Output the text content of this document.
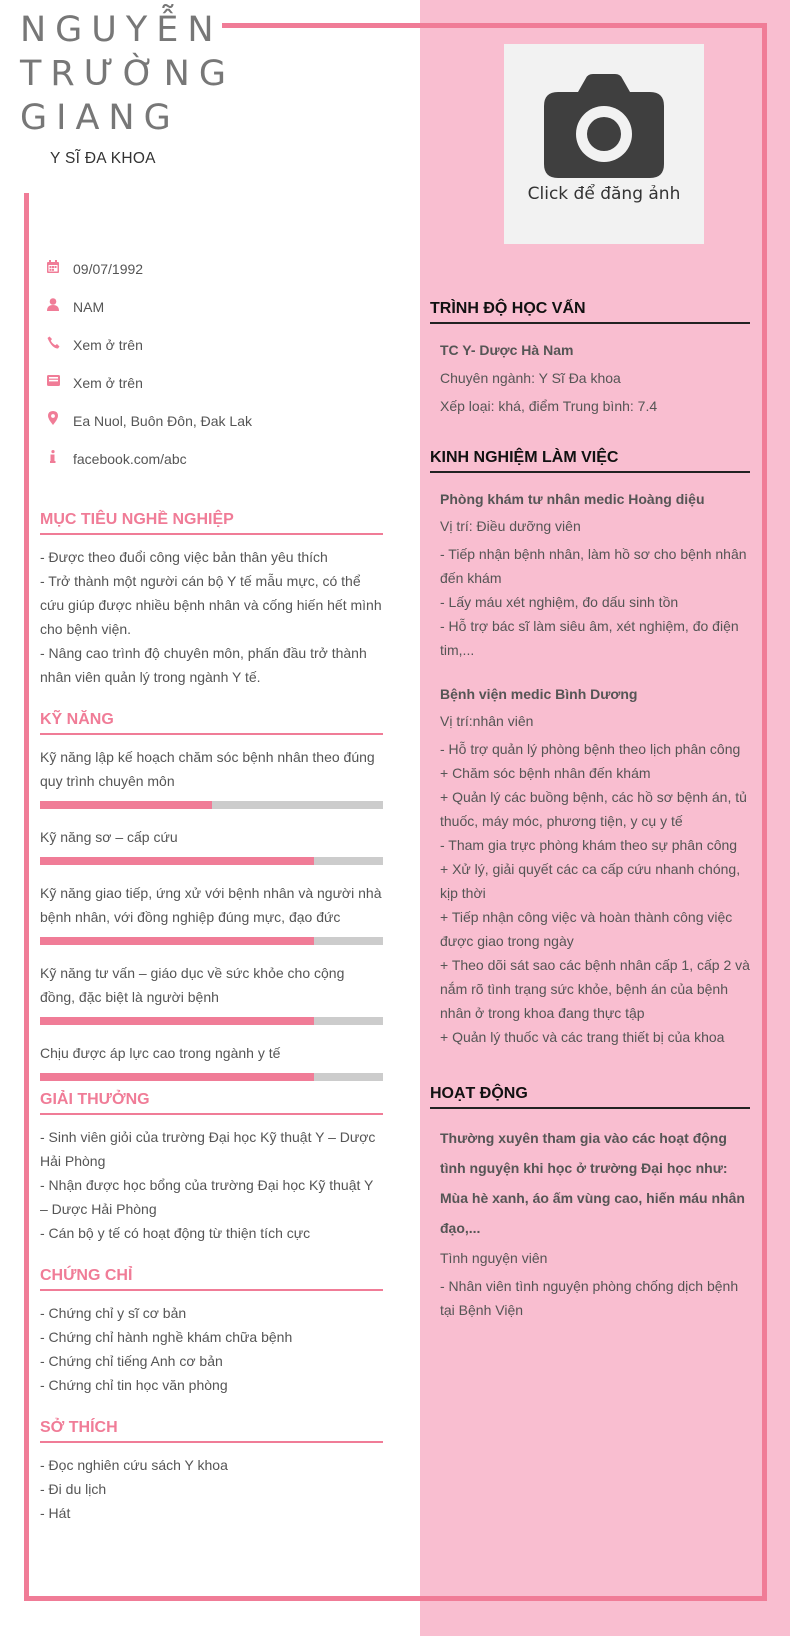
NGUYỄN
TRƯỜNG
GIANG
Y SĨ ĐA KHOA
Click để đăng ảnh
09/07/1992
NAM
Xem ở trên
Xem ở trên
Ea Nuol, Buôn Đôn, Đak Lak
facebook.com/abc
MỤC TIÊU NGHỀ NGHIỆP
- Được theo đuổi công việc bản thân yêu thích
- Trở thành một người cán bộ Y tế mẫu mực, có thể cứu giúp được nhiều bệnh nhân và cống hiến hết mình cho bệnh viện.
- Nâng cao trình độ chuyên môn, phấn đầu trở thành nhân viên quản lý trong ngành Y tế.
KỸ NĂNG
Kỹ năng lập kế hoạch chăm sóc bệnh nhân theo đúng quy trình chuyên môn
Kỹ năng sơ – cấp cứu
Kỹ năng giao tiếp, ứng xử với bệnh nhân và người nhà bệnh nhân, với đồng nghiệp đúng mực, đạo đức
Kỹ năng tư vấn – giáo dục về sức khỏe cho cộng đồng, đặc biệt là người bệnh
Chịu được áp lực cao trong ngành y tế
GIẢI THƯỞNG
- Sinh viên giỏi của trường Đại học Kỹ thuật Y – Dược Hải Phòng
- Nhận được học bổng của trường Đại học Kỹ thuật Y – Dược Hải Phòng
- Cán bộ y tế có hoạt động từ thiện tích cực
CHỨNG CHỈ
- Chứng chỉ y sĩ cơ bản
- Chứng chỉ hành nghề khám chữa bệnh
- Chứng chỉ tiếng Anh cơ bản
- Chứng chỉ tin học văn phòng
SỞ THÍCH
- Đọc nghiên cứu sách Y khoa
- Đi du lịch
- Hát
TRÌNH ĐỘ HỌC VẤN
TC Y- Dược Hà Nam
Chuyên ngành: Y Sĩ Đa khoa
Xếp loại: khá, điểm Trung bình: 7.4
KINH NGHIỆM LÀM VIỆC
Phòng khám tư nhân medic Hoàng diệu
Vị trí: Điều dưỡng viên
- Tiếp nhận bệnh nhân, làm hồ sơ cho bệnh nhân đến khám
- Lấy máu xét nghiệm, đo dấu sinh tồn
- Hỗ trợ bác sĩ làm siêu âm, xét nghiệm, đo điện tim,...
Bệnh viện medic Bình Dương
Vị trí:nhân viên
- Hỗ trợ quản lý phòng bệnh theo lịch phân công
+ Chăm sóc bệnh nhân đến khám
+ Quản lý các buồng bệnh, các hồ sơ bệnh án, tủ thuốc, máy móc, phương tiện, y cụ y tế
- Tham gia trực phòng khám theo sự phân công
+ Xử lý, giải quyết các ca cấp cứu nhanh chóng, kịp thời
+ Tiếp nhận công việc và hoàn thành công việc được giao trong ngày
+ Theo dõi sát sao các bệnh nhân cấp 1, cấp 2 và nắm rõ tình trạng sức khỏe, bệnh án của bệnh nhân ở trong khoa đang thực tập
+ Quản lý thuốc và các trang thiết bị của khoa
HOẠT ĐỘNG
Thường xuyên tham gia vào các hoạt động tình nguyện khi học ở trường Đại học như: Mùa hè xanh, áo ấm vùng cao, hiến máu nhân đạo,...
Tình nguyện viên
- Nhân viên tình nguyện phòng chống dịch bệnh tại Bệnh Viện
